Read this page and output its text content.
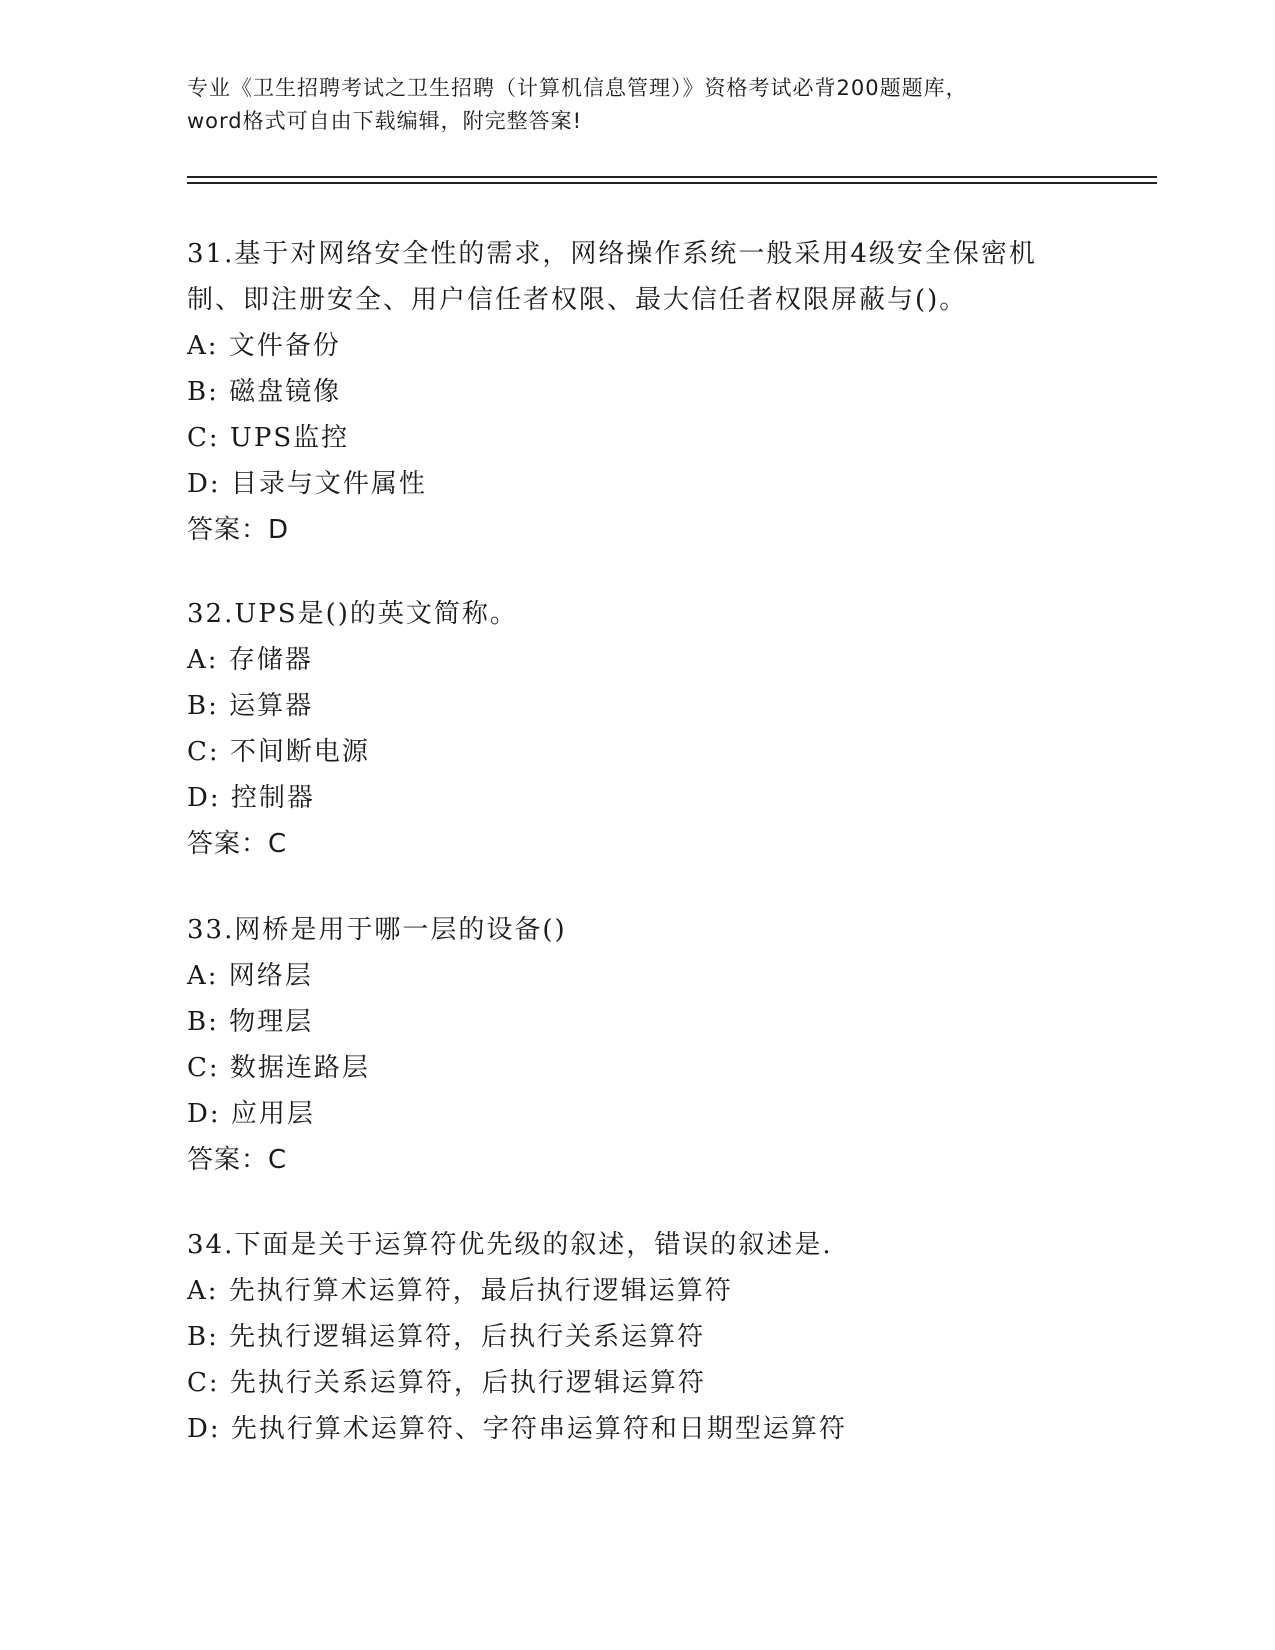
专业《卫生招聘考试之卫生招聘（计算机信息管理）》资格考试必背200题题库，
word格式可自由下载编辑，附完整答案!
31.基于对网络安全性的需求，网络操作系统一般采用4级安全保密机
制、即注册安全、用户信任者权限、最大信任者权限屏蔽与()。
A: 文件备份
B: 磁盘镜像
C: UPS监控
D: 目录与文件属性
答案：D
32.UPS是()的英文简称。
A: 存储器
B: 运算器
C: 不间断电源
D: 控制器
答案：C
33.网桥是用于哪一层的设备()
A: 网络层
B: 物理层
C: 数据连路层
D: 应用层
答案：C
34.下面是关于运算符优先级的叙述，错误的叙述是.
A: 先执行算术运算符，最后执行逻辑运算符
B: 先执行逻辑运算符，后执行关系运算符
C: 先执行关系运算符，后执行逻辑运算符
D: 先执行算术运算符、字符串运算符和日期型运算符
